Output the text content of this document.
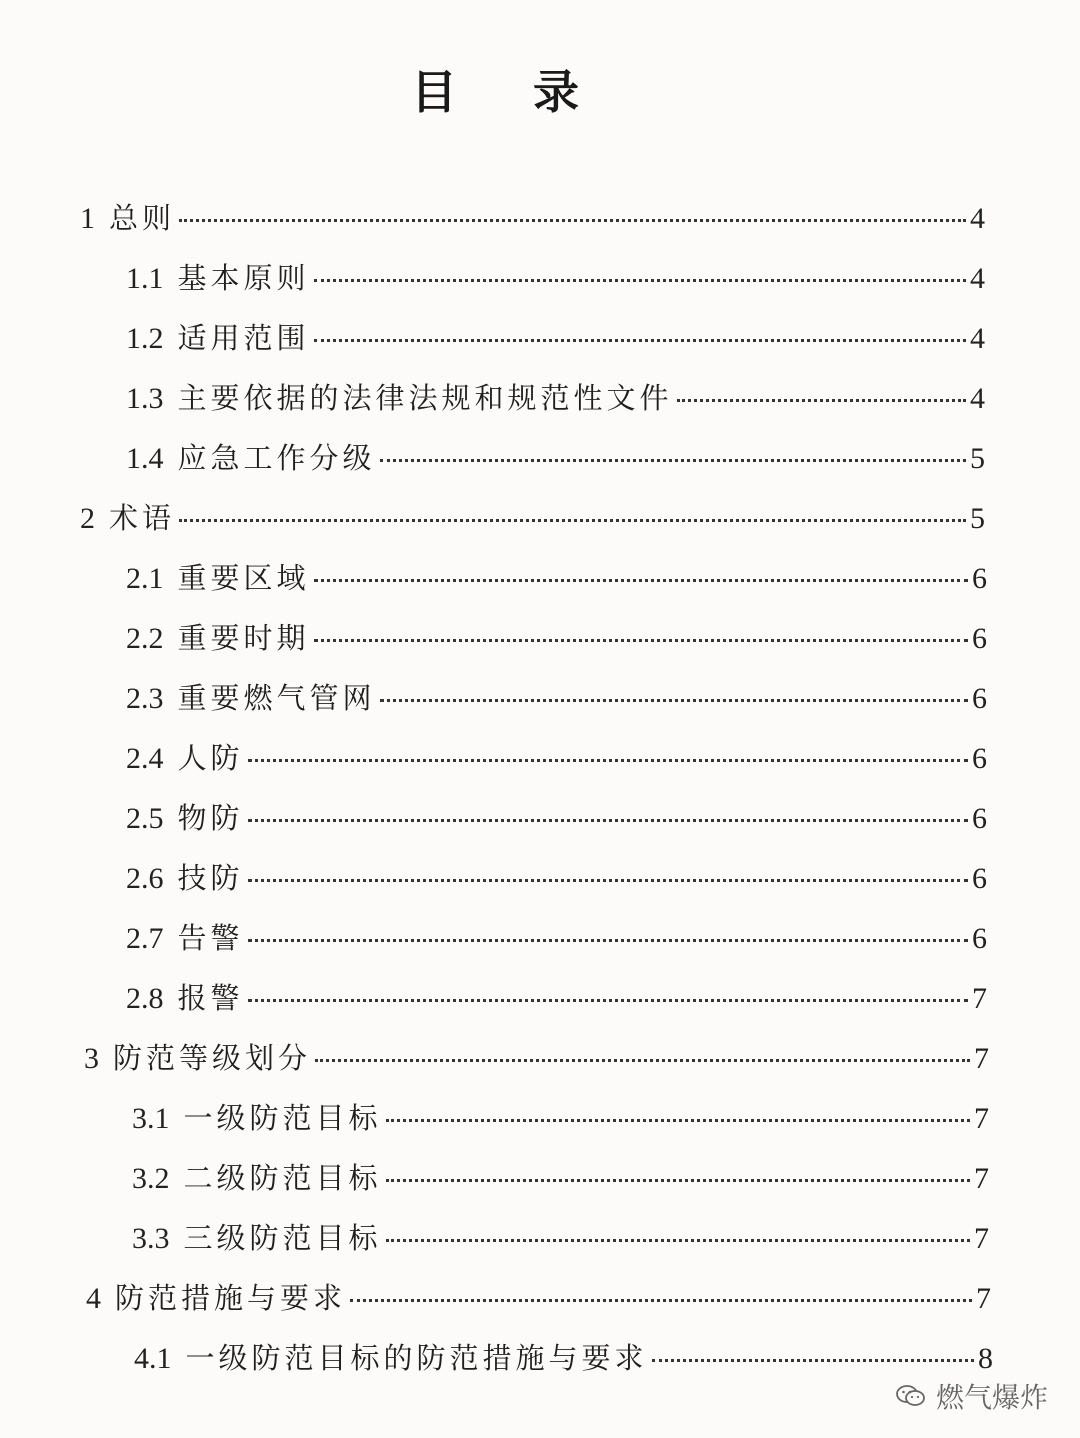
目 录
1 总则	4
1.1 基本原则	4
1.2 适用范围	4
1.3 主要依据的法律法规和规范性文件	4
1.4 应急工作分级	5
2 术语	5
2.1 重要区域	6
2.2 重要时期	6
2.3 重要燃气管网	6
2.4 人防	6
2.5 物防	6
2.6 技防	6
2.7 告警	6
2.8 报警	7
3 防范等级划分	7
3.1 一级防范目标	7
3.2 二级防范目标	7
3.3 三级防范目标	7
4 防范措施与要求	7
4.1 一级防范目标的防范措施与要求	8
燃气爆炸
